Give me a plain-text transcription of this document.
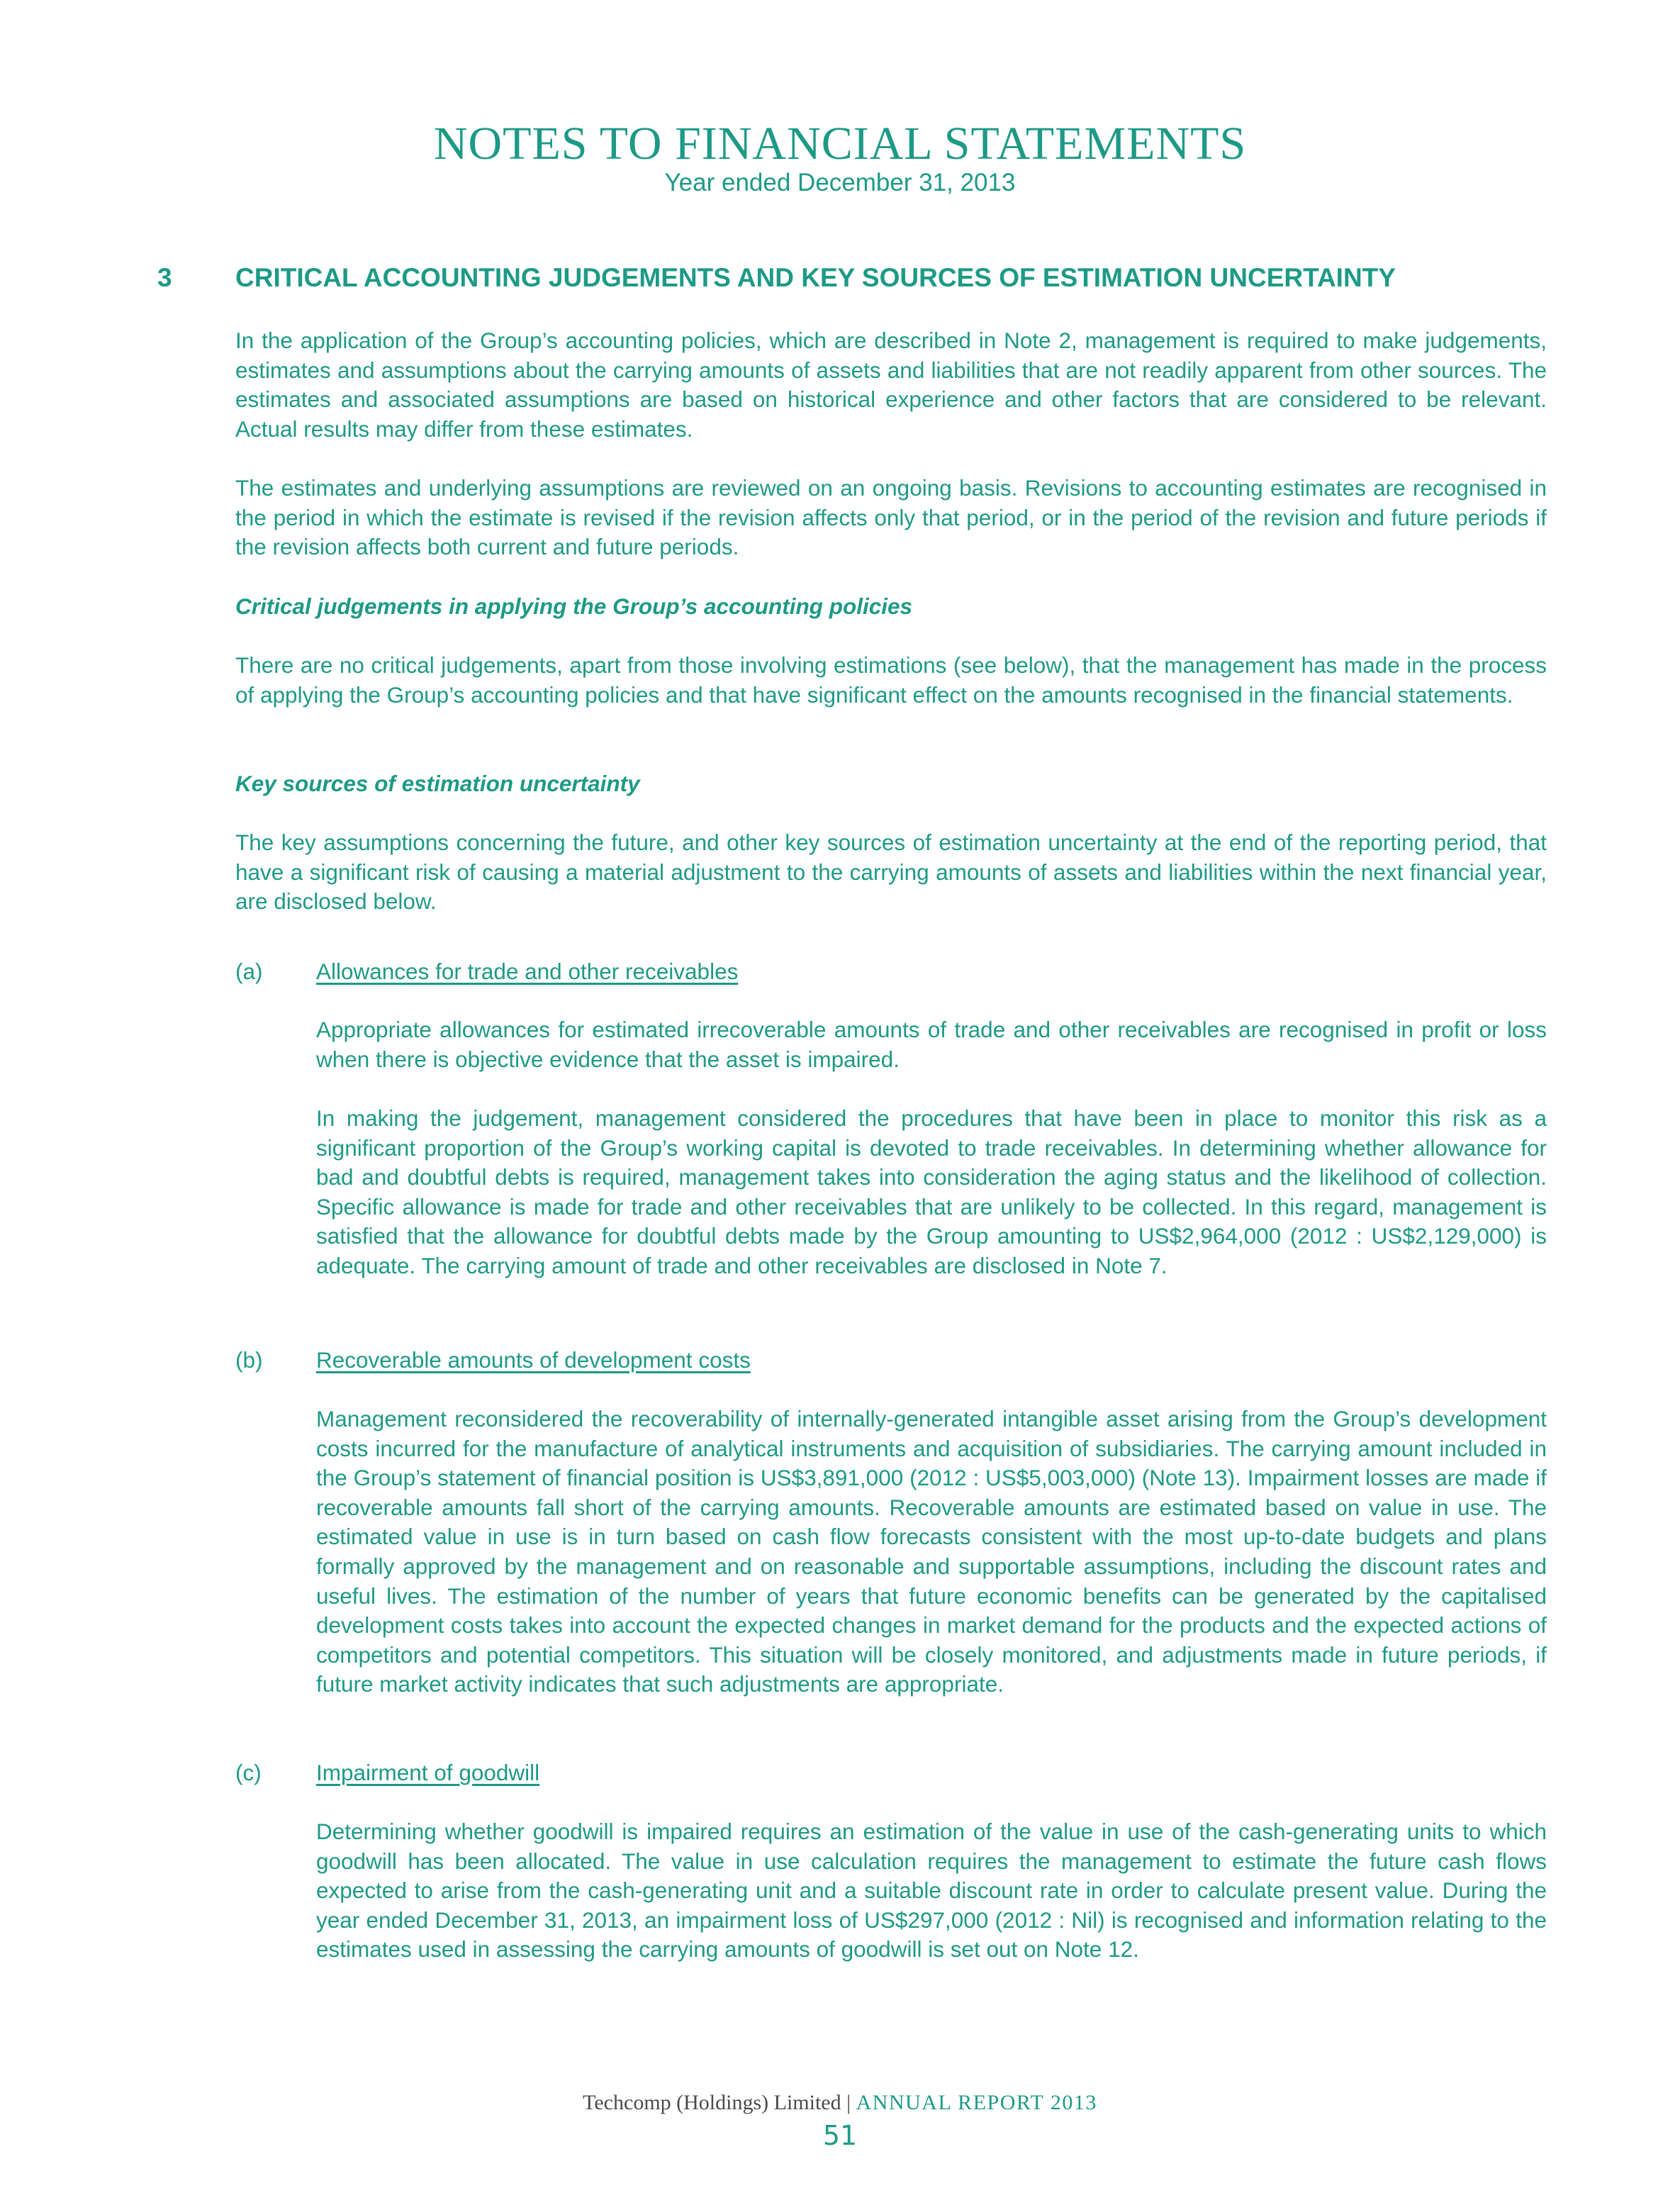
NOTES TO FINANCIAL STATEMENTS
Year ended December 31, 2013
3 CRITICAL ACCOUNTING JUDGEMENTS AND KEY SOURCES OF ESTIMATION UNCERTAINTY

In the application of the Group’s accounting policies, which are described in Note 2, management is required to make judgements, estimates and assumptions about the carrying amounts of assets and liabilities that are not readily apparent from other sources. The estimates and associated assumptions are based on historical experience and other factors that are considered to be relevant. Actual results may differ from these estimates.

The estimates and underlying assumptions are reviewed on an ongoing basis. Revisions to accounting estimates are recognised in the period in which the estimate is revised if the revision affects only that period, or in the period of the revision and future periods if the revision affects both current and future periods.

Critical judgements in applying the Group’s accounting policies

There are no critical judgements, apart from those involving estimations (see below), that the management has made in the process of applying the Group’s accounting policies and that have significant effect on the amounts recognised in the financial statements.

Key sources of estimation uncertainty

The key assumptions concerning the future, and other key sources of estimation uncertainty at the end of the reporting period, that have a significant risk of causing a material adjustment to the carrying amounts of assets and liabilities within the next financial year, are disclosed below.

(a) Allowances for trade and other receivables

Appropriate allowances for estimated irrecoverable amounts of trade and other receivables are recognised in profit or loss when there is objective evidence that the asset is impaired.

In making the judgement, management considered the procedures that have been in place to monitor this risk as a significant proportion of the Group’s working capital is devoted to trade receivables. In determining whether allowance for bad and doubtful debts is required, management takes into consideration the aging status and the likelihood of collection. Specific allowance is made for trade and other receivables that are unlikely to be collected. In this regard, management is satisfied that the allowance for doubtful debts made by the Group amounting to US$2,964,000 (2012 : US$2,129,000) is adequate. The carrying amount of trade and other receivables are disclosed in Note 7.

(b) Recoverable amounts of development costs

Management reconsidered the recoverability of internally-generated intangible asset arising from the Group’s development costs incurred for the manufacture of analytical instruments and acquisition of subsidiaries. The carrying amount included in the Group’s statement of financial position is US$3,891,000 (2012 : US$5,003,000) (Note 13). Impairment losses are made if recoverable amounts fall short of the carrying amounts. Recoverable amounts are estimated based on value in use. The estimated value in use is in turn based on cash flow forecasts consistent with the most up-to-date budgets and plans formally approved by the management and on reasonable and supportable assumptions, including the discount rates and useful lives. The estimation of the number of years that future economic benefits can be generated by the capitalised development costs takes into account the expected changes in market demand for the products and the expected actions of competitors and potential competitors. This situation will be closely monitored, and adjustments made in future periods, if future market activity indicates that such adjustments are appropriate.

(c) Impairment of goodwill

Determining whether goodwill is impaired requires an estimation of the value in use of the cash-generating units to which goodwill has been allocated. The value in use calculation requires the management to estimate the future cash flows expected to arise from the cash-generating unit and a suitable discount rate in order to calculate present value. During the year ended December 31, 2013, an impairment loss of US$297,000 (2012 : Nil) is recognised and information relating to the estimates used in assessing the carrying amounts of goodwill is set out on Note 12.

Techcomp (Holdings) Limited | ANNUAL REPORT 2013
51
